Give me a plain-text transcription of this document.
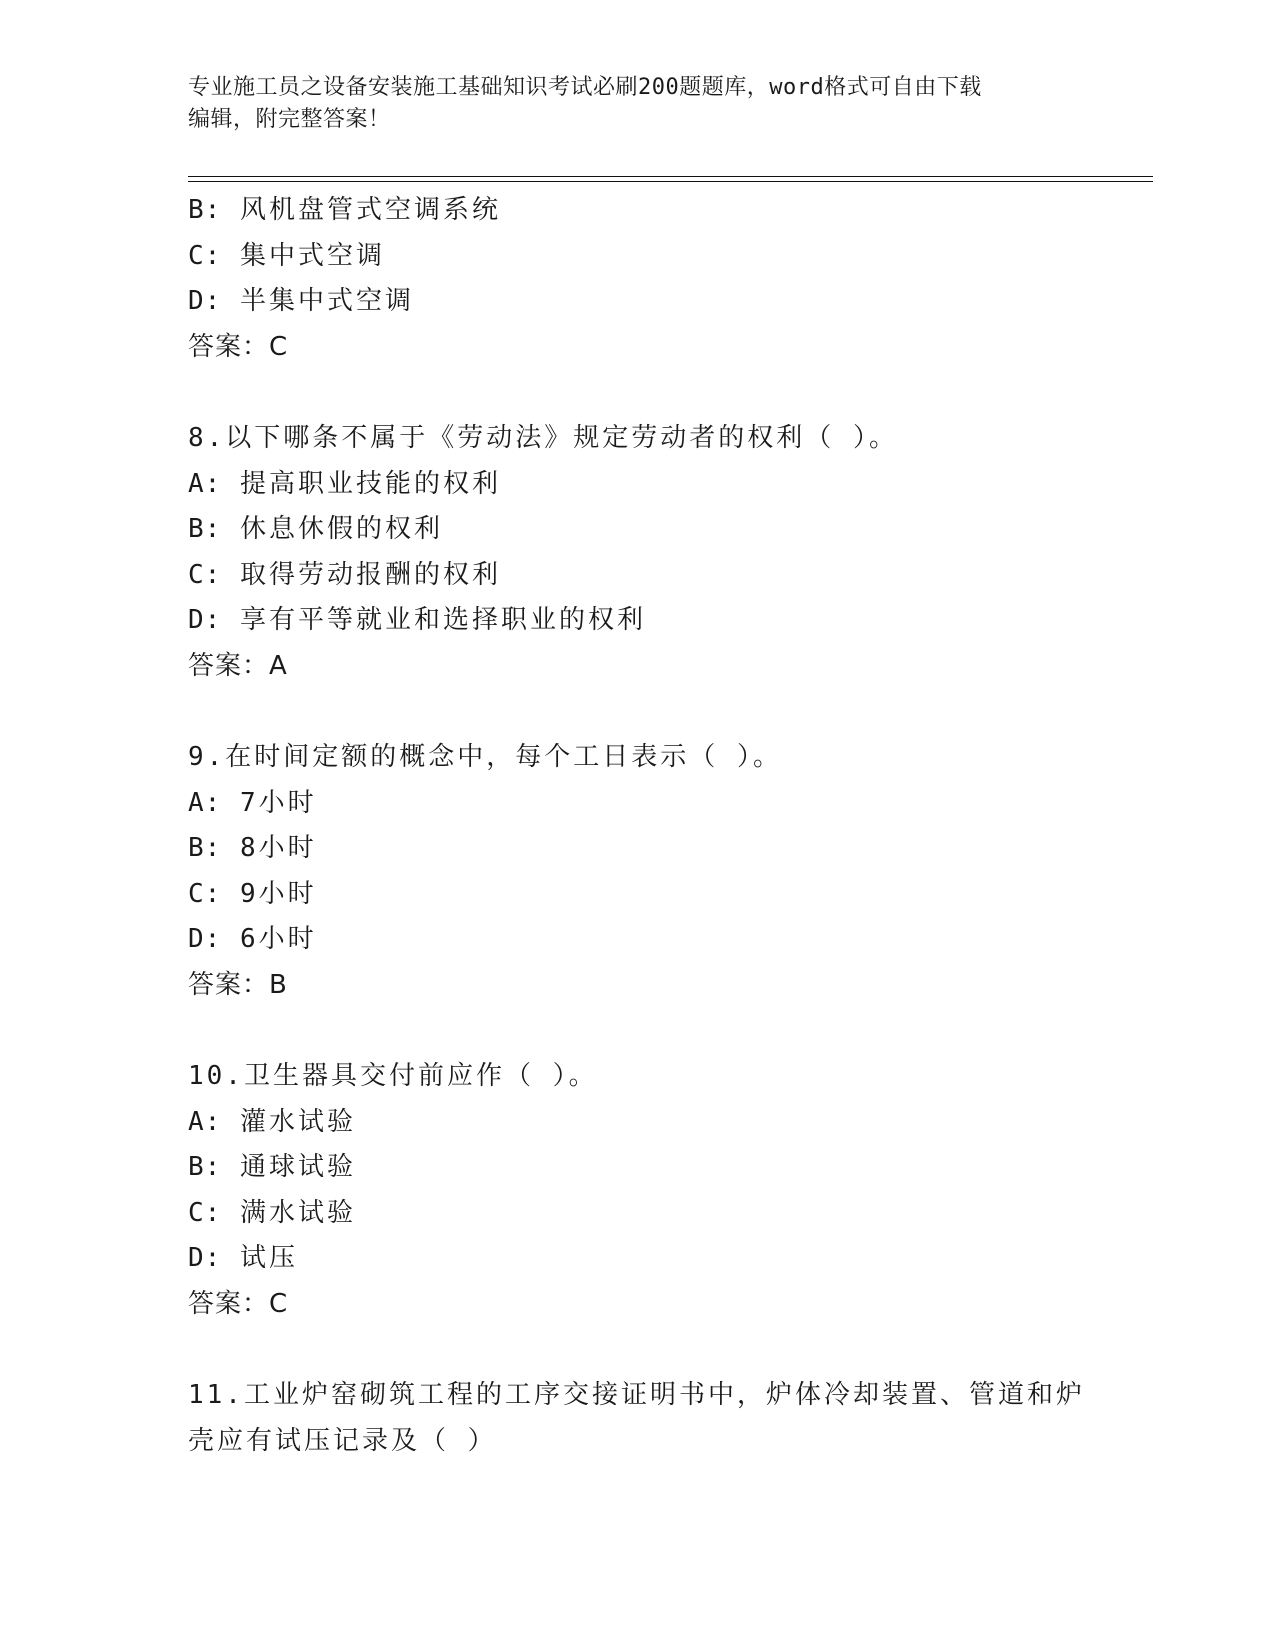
专业施工员之设备安装施工基础知识考试必刷200题题库，word格式可自由下载
编辑，附完整答案！
B: 风机盘管式空调系统
C: 集中式空调
D: 半集中式空调
答案：C
8.以下哪条不属于《劳动法》规定劳动者的权利（ ）。
A: 提高职业技能的权利
B: 休息休假的权利
C: 取得劳动报酬的权利
D: 享有平等就业和选择职业的权利
答案：A
9.在时间定额的概念中，每个工日表示（ ）。
A: 7小时
B: 8小时
C: 9小时
D: 6小时
答案：B
10.卫生器具交付前应作（ ）。
A: 灌水试验
B: 通球试验
C: 满水试验
D: 试压
答案：C
11.工业炉窑砌筑工程的工序交接证明书中，炉体冷却装置、管道和炉
壳应有试压记录及（ ）
